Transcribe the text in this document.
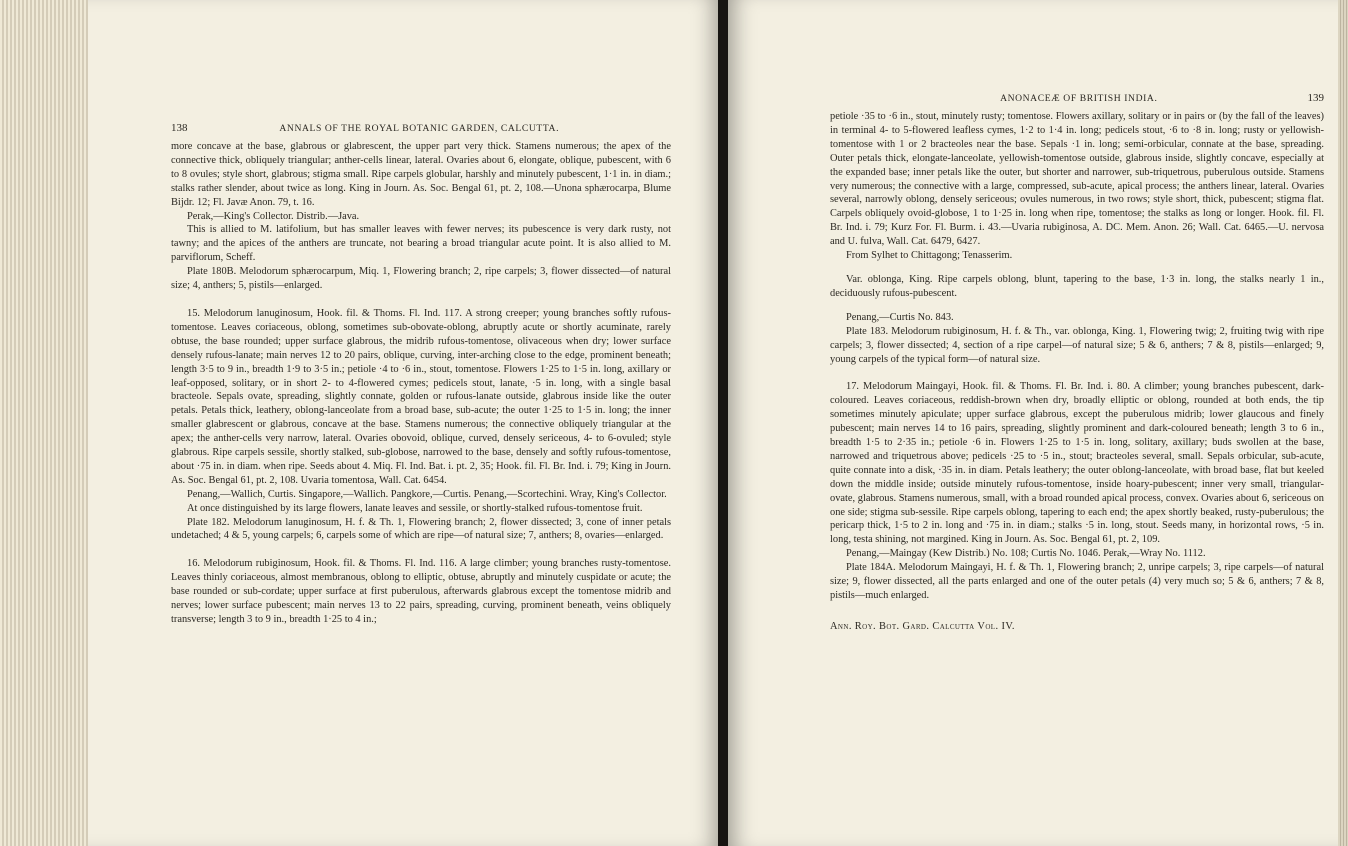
138	ANNALS OF THE ROYAL BOTANIC GARDEN, CALCUTTA.

more concave at the base, glabrous or glabrescent, the upper part very thick. Stamens numerous; the apex of the connective thick, obliquely triangular; anther-cells linear, lateral. Ovaries about 6, elongate, oblique, pubescent, with 6 to 8 ovules; style short, glabrous; stigma small. Ripe carpels globular, harshly and minutely pubescent, 1·1 in. in diam.; stalks rather slender, about twice as long. King in Journ. As. Soc. Bengal 61, pt. 2, 108.—Unona sphærocarpa, Blume Bijdr. 12; Fl. Javæ Anon. 79, t. 16.

Perak,—King's Collector. Distrib.—Java.

This is allied to M. latifolium, but has smaller leaves with fewer nerves; its pubescence is very dark rusty, not tawny; and the apices of the anthers are truncate, not bearing a broad triangular acute point. It is also allied to M. parviflorum, Scheff.

Plate 180B. Melodorum sphærocarpum, Miq. 1, Flowering branch; 2, ripe carpels; 3, flower dissected—of natural size; 4, anthers; 5, pistils—enlarged.

15. Melodorum lanuginosum, Hook. fil. & Thoms. Fl. Ind. 117. A strong creeper; young branches softly rufous-tomentose. Leaves coriaceous, oblong, sometimes sub-obovate-oblong, abruptly acute or shortly acuminate, rarely obtuse, the base rounded; upper surface glabrous, the midrib rufous-tomentose, olivaceous when dry; lower surface densely rufous-lanate; main nerves 12 to 20 pairs, oblique, curving, inter-arching close to the edge, prominent beneath; length 3·5 to 9 in., breadth 1·9 to 3·5 in.; petiole ·4 to ·6 in., stout, tomentose. Flowers 1·25 to 1·5 in. long, axillary or leaf-opposed, solitary, or in short 2- to 4-flowered cymes; pedicels stout, lanate, ·5 in. long, with a single basal bracteole. Sepals ovate, spreading, slightly connate, golden or rufous-lanate outside, glabrous inside like the outer petals. Petals thick, leathery, oblong-lanceolate from a broad base, sub-acute; the outer 1·25 to 1·5 in. long; the inner smaller glabrescent or glabrous, concave at the base. Stamens numerous; the connective obliquely triangular at the apex; the anther-cells very narrow, lateral. Ovaries obovoid, oblique, curved, densely sericeous, 4- to 6-ovuled; style glabrous. Ripe carpels sessile, shortly stalked, sub-globose, narrowed to the base, densely and softly rufous-tomentose, about ·75 in. in diam. when ripe. Seeds about 4. Miq. Fl. Ind. Bat. i. pt. 2, 35; Hook. fil. Fl. Br. Ind. i. 79; King in Journ. As. Soc. Bengal 61, pt. 2, 108. Uvaria tomentosa, Wall. Cat. 6454.

Penang,—Wallich, Curtis. Singapore,—Wallich. Pangkore,—Curtis. Penang,—Scortechini. Wray, King's Collector.

At once distinguished by its large flowers, lanate leaves and sessile, or shortly-stalked rufous-tomentose fruit.

Plate 182. Melodorum lanuginosum, H. f. & Th. 1, Flowering branch; 2, flower dissected; 3, cone of inner petals undetached; 4 & 5, young carpels; 6, carpels some of which are ripe—of natural size; 7, anthers; 8, ovaries—enlarged.

16. Melodorum rubiginosum, Hook. fil. & Thoms. Fl. Ind. 116. A large climber; young branches rusty-tomentose. Leaves thinly coriaceous, almost membranous, oblong to elliptic, obtuse, abruptly and minutely cuspidate or acute; the base rounded or sub-cordate; upper surface at first puberulous, afterwards glabrous except the tomentose midrib and nerves; lower surface pubescent; main nerves 13 to 22 pairs, spreading, curving, prominent beneath, veins obliquely transverse; length 3 to 9 in., breadth 1·25 to 4 in.;

ANONACEÆ OF BRITISH INDIA.	139

petiole ·35 to ·6 in., stout, minutely rusty; tomentose. Flowers axillary, solitary or in pairs or (by the fall of the leaves) in terminal 4- to 5-flowered leafless cymes, 1·2 to 1·4 in. long; pedicels stout, ·6 to ·8 in. long; rusty or yellowish-tomentose with 1 or 2 bracteoles near the base. Sepals ·1 in. long; semi-orbicular, connate at the base, spreading. Outer petals thick, elongate-lanceolate, yellowish-tomentose outside, glabrous inside, slightly concave, especially at the expanded base; inner petals like the outer, but shorter and narrower, sub-triquetrous, puberulous outside. Stamens very numerous; the connective with a large, compressed, sub-acute, apical process; the anthers linear, lateral. Ovaries several, narrowly oblong, densely sericeous; ovules numerous, in two rows; style short, thick, pubescent; stigma flat. Carpels obliquely ovoid-globose, 1 to 1·25 in. long when ripe, tomentose; the stalks as long or longer. Hook. fil. Fl. Br. Ind. i. 79; Kurz For. Fl. Burm. i. 43.—Uvaria rubiginosa, A. DC. Mem. Anon. 26; Wall. Cat. 6465.—U. nervosa and U. fulva, Wall. Cat. 6479, 6427.

From Sylhet to Chittagong; Tenasserim.

Var. oblonga, King. Ripe carpels oblong, blunt, tapering to the base, 1·3 in. long, the stalks nearly 1 in., deciduously rufous-pubescent.

Penang,—Curtis No. 843.

Plate 183. Melodorum rubiginosum, H. f. & Th., var. oblonga, King. 1, Flowering twig; 2, fruiting twig with ripe carpels; 3, flower dissected; 4, section of a ripe carpel—of natural size; 5 & 6, anthers; 7 & 8, pistils—enlarged; 9, young carpels of the typical form—of natural size.

17. Melodorum Maingayi, Hook. fil. & Thoms. Fl. Br. Ind. i. 80. A climber; young branches pubescent, dark-coloured. Leaves coriaceous, reddish-brown when dry, broadly elliptic or oblong, rounded at both ends, the tip sometimes minutely apiculate; upper surface glabrous, except the puberulous midrib; lower glaucous and finely pubescent; main nerves 14 to 16 pairs, spreading, slightly prominent and dark-coloured beneath; length 3 to 6 in., breadth 1·5 to 2·35 in.; petiole ·6 in. Flowers 1·25 to 1·5 in. long, solitary, axillary; buds swollen at the base, narrowed and triquetrous above; pedicels ·25 to ·5 in., stout; bracteoles several, small. Sepals orbicular, sub-acute, quite connate into a disk, ·35 in. in diam. Petals leathery; the outer oblong-lanceolate, with broad base, flat but keeled down the middle inside; outside minutely rufous-tomentose, inside hoary-pubescent; inner very small, triangular-ovate, glabrous. Stamens numerous, small, with a broad rounded apical process, convex. Ovaries about 6, sericeous on one side; stigma sub-sessile. Ripe carpels oblong, tapering to each end; the apex shortly beaked, rusty-puberulous; the pericarp thick, 1·5 to 2 in. long and ·75 in. in diam.; stalks ·5 in. long, stout. Seeds many, in horizontal rows, ·5 in. long, testa shining, not margined. King in Journ. As. Soc. Bengal 61, pt. 2, 109.

Penang,—Maingay (Kew Distrib.) No. 108; Curtis No. 1046. Perak,—Wray No. 1112.

Plate 184A. Melodorum Maingayi, H. f. & Th. 1, Flowering branch; 2, unripe carpels; 3, ripe carpels—of natural size; 9, flower dissected, all the parts enlarged and one of the outer petals (4) very much so; 5 & 6, anthers; 7 & 8, pistils—much enlarged.

Ann. Roy. Bot. Gard. Calcutta Vol. IV.
